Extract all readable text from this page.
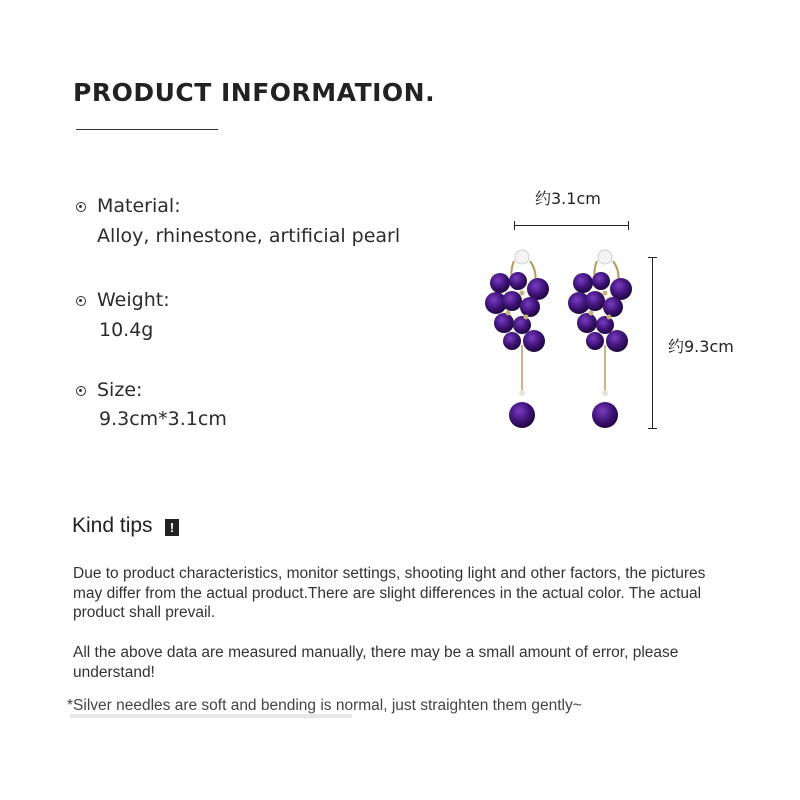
PRODUCT INFORMATION.
Material:
Alloy, rhinestone, artificial pearl
Weight:
10.4g
Size:
9.3cm*3.1cm
约3.1cm
约9.3cm
Kind tips	!
Due to product characteristics, monitor settings, shooting light and other factors, the pictures may differ from the actual product.There are slight differences in the actual color. The actual product shall prevail.
All the above data are measured manually, there may be a small amount of error, please understand!
*Silver needles are soft and bending is normal, just straighten them gently~
